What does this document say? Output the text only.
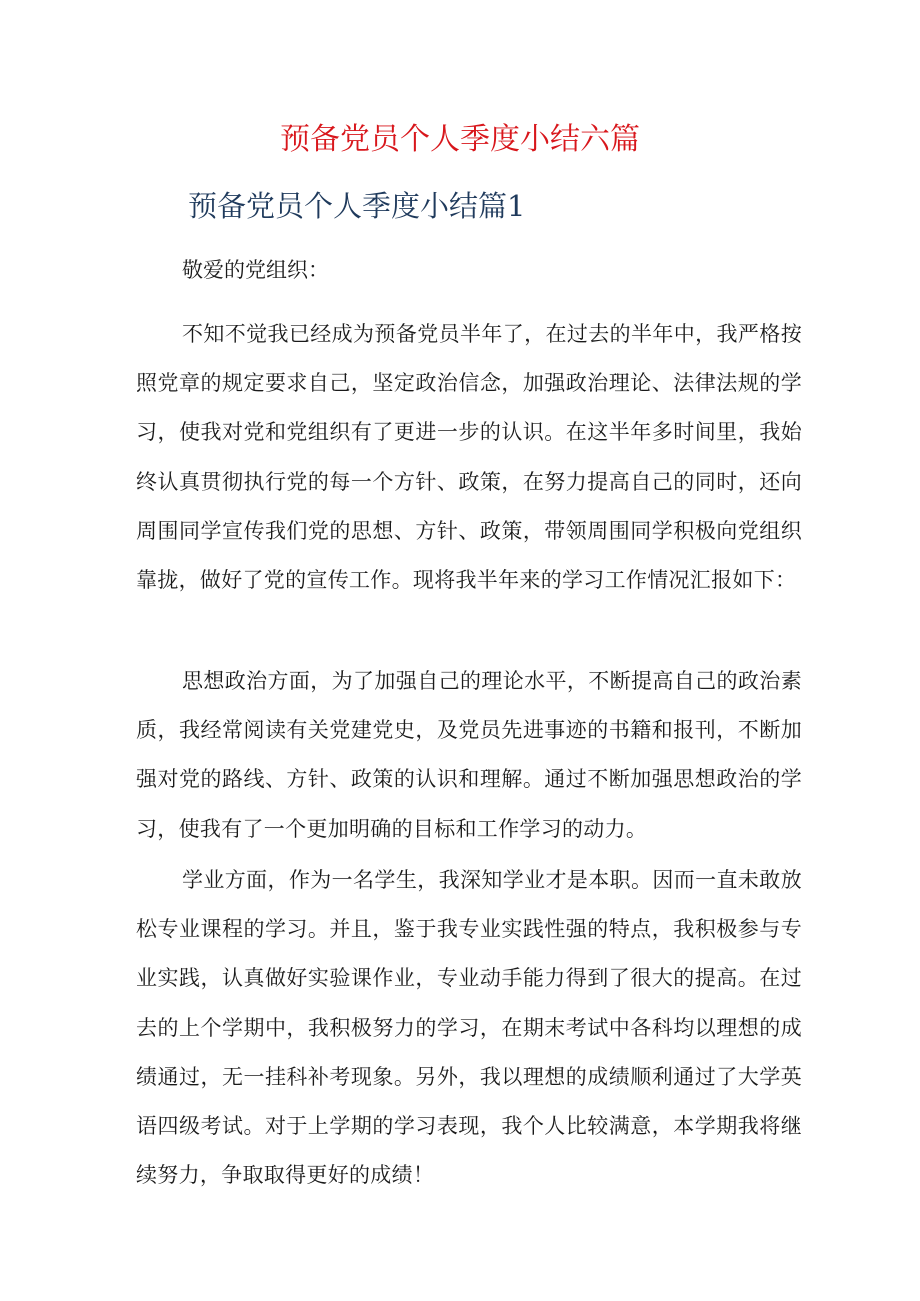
预备党员个人季度小结六篇
预备党员个人季度小结篇1

敬爱的党组织：

不知不觉我已经成为预备党员半年了，在过去的半年中，我严格按照党章的规定要求自己，坚定政治信念，加强政治理论、法律法规的学习，使我对党和党组织有了更进一步的认识。在这半年多时间里，我始终认真贯彻执行党的每一个方针、政策，在努力提高自己的同时，还向周围同学宣传我们党的思想、方针、政策，带领周围同学积极向党组织靠拢，做好了党的宣传工作。现将我半年来的学习工作情况汇报如下：

思想政治方面，为了加强自己的理论水平，不断提高自己的政治素质，我经常阅读有关党建党史，及党员先进事迹的书籍和报刊，不断加强对党的路线、方针、政策的认识和理解。通过不断加强思想政治的学习，使我有了一个更加明确的目标和工作学习的动力。

学业方面，作为一名学生，我深知学业才是本职。因而一直未敢放松专业课程的学习。并且，鉴于我专业实践性强的特点，我积极参与专业实践，认真做好实验课作业，专业动手能力得到了很大的提高。在过去的上个学期中，我积极努力的学习，在期末考试中各科均以理想的成绩通过，无一挂科补考现象。另外，我以理想的成绩顺利通过了大学英语四级考试。对于上学期的学习表现，我个人比较满意，本学期我将继续努力，争取取得更好的成绩！
